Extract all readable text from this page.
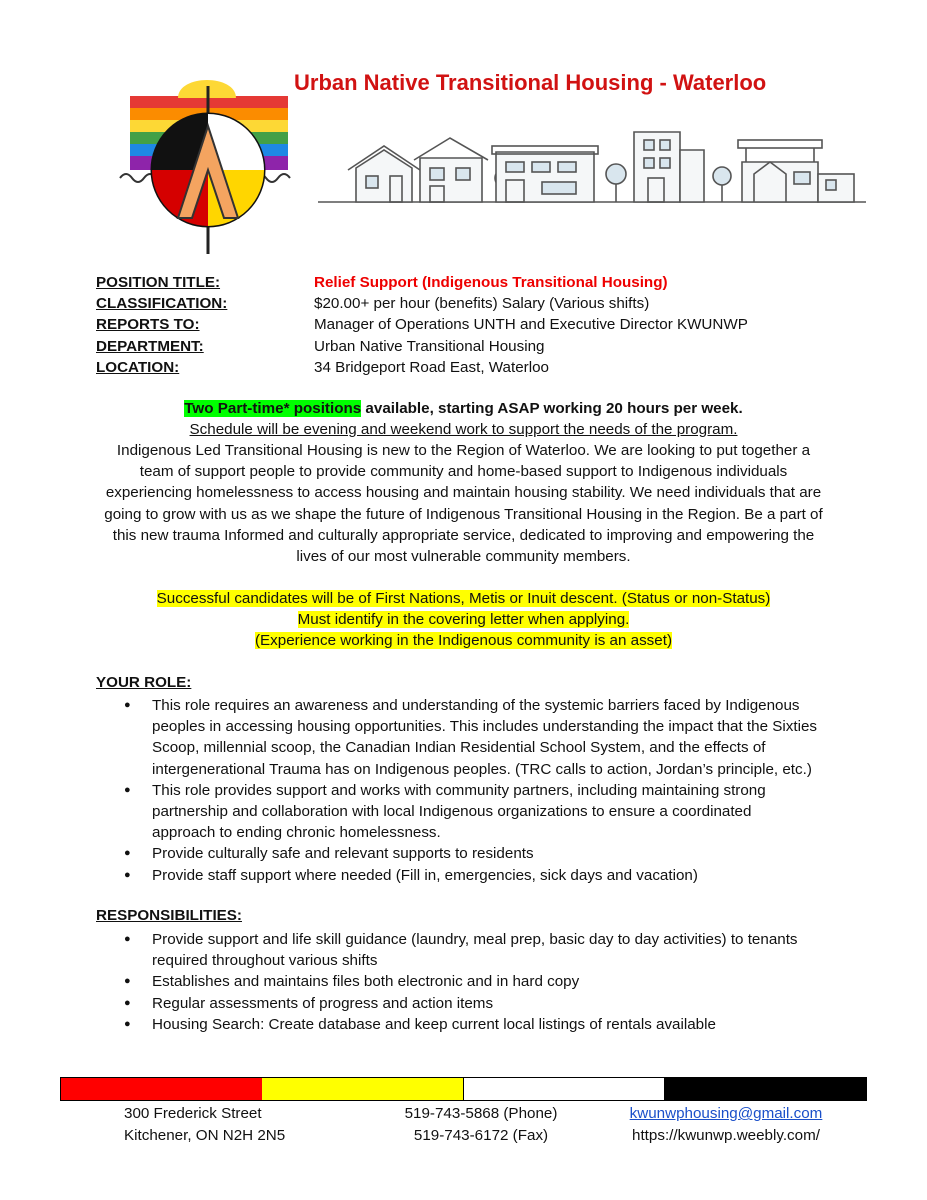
Urban Native Transitional Housing - Waterloo
POSITION TITLE:	Relief Support (Indigenous Transitional Housing)
CLASSIFICATION:	$20.00+ per hour (benefits) Salary (Various shifts)
REPORTS TO:	Manager of Operations UNTH and Executive Director KWUNWP
DEPARTMENT:	Urban Native Transitional Housing
LOCATION:	34 Bridgeport Road East, Waterloo
Two Part-time* positions available, starting ASAP working 20 hours per week.
Schedule will be evening and weekend work to support the needs of the program.
Indigenous Led Transitional Housing is new to the Region of Waterloo. We are looking to put together a
team of support people to provide community and home-based support to Indigenous individuals
experiencing homelessness to access housing and maintain housing stability. We need individuals that are
going to grow with us as we shape the future of Indigenous Transitional Housing in the Region. Be a part of
this new trauma Informed and culturally appropriate service, dedicated to improving and empowering the
lives of our most vulnerable community members.
Successful candidates will be of First Nations, Metis or Inuit descent. (Status or non-Status)
Must identify in the covering letter when applying.
(Experience working in the Indigenous community is an asset)
YOUR ROLE:
● This role requires an awareness and understanding of the systemic barriers faced by Indigenous
peoples in accessing housing opportunities. This includes understanding the impact that the Sixties
Scoop, millennial scoop, the Canadian Indian Residential School System, and the effects of
intergenerational Trauma has on Indigenous peoples. (TRC calls to action, Jordan’s principle, etc.)
● This role provides support and works with community partners, including maintaining strong
partnership and collaboration with local Indigenous organizations to ensure a coordinated
approach to ending chronic homelessness.
● Provide culturally safe and relevant supports to residents
● Provide staff support where needed (Fill in, emergencies, sick days and vacation)
RESPONSIBILITIES:
● Provide support and life skill guidance (laundry, meal prep, basic day to day activities) to tenants
required throughout various shifts
● Establishes and maintains files both electronic and in hard copy
● Regular assessments of progress and action items
● Housing Search: Create database and keep current local listings of rentals available
300 Frederick Street
Kitchener, ON N2H 2N5
519-743-5868 (Phone)
519-743-6172 (Fax)
kwunwphousing@gmail.com
https://kwunwp.weebly.com/
